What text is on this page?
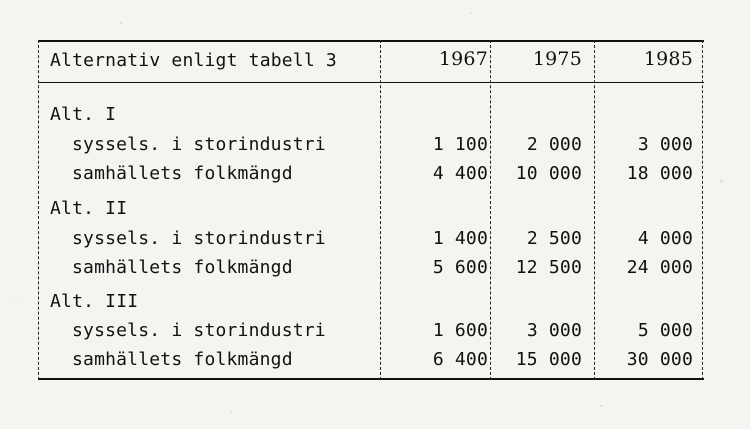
Alternativ enligt tabell 3	1967	1975	1985
Alt. I
syssels. i storindustri	1 100	2 000	3 000
samhällets folkmängd	4 400	10 000	18 000
Alt. II
syssels. i storindustri	1 400	2 500	4 000
samhällets folkmängd	5 600	12 500	24 000
Alt. III
syssels. i storindustri	1 600	3 000	5 000
samhällets folkmängd	6 400	15 000	30 000
